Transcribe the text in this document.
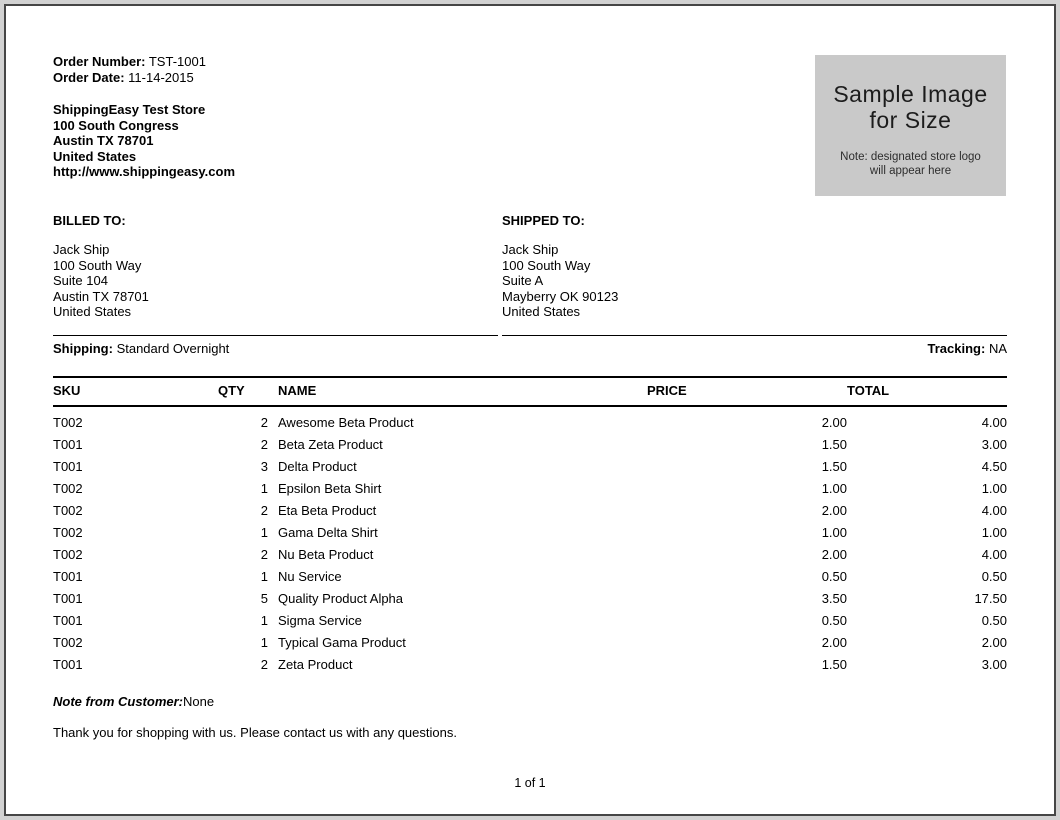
Order Number: TST-1001
Order Date: 11-14-2015
ShippingEasy Test Store
100 South Congress
Austin TX 78701
United States
http://www.shippingeasy.com
Sample Image
for Size
Note: designated store logo
will appear here
BILLED TO:
Jack Ship
100 South Way
Suite 104
Austin TX 78701
United States
SHIPPED TO:
Jack Ship
100 South Way
Suite A
Mayberry OK 90123
United States
Shipping: Standard Overnight	Tracking: NA
SKU	QTY	NAME	PRICE	TOTAL
T002	2	Awesome Beta Product	2.00	4.00
T001	2	Beta Zeta Product	1.50	3.00
T001	3	Delta Product	1.50	4.50
T002	1	Epsilon Beta Shirt	1.00	1.00
T002	2	Eta Beta Product	2.00	4.00
T002	1	Gama Delta Shirt	1.00	1.00
T002	2	Nu Beta Product	2.00	4.00
T001	1	Nu Service	0.50	0.50
T001	5	Quality Product Alpha	3.50	17.50
T001	1	Sigma Service	0.50	0.50
T002	1	Typical Gama Product	2.00	2.00
T001	2	Zeta Product	1.50	3.00
Note from Customer:None
Thank you for shopping with us. Please contact us with any questions.
1 of 1
